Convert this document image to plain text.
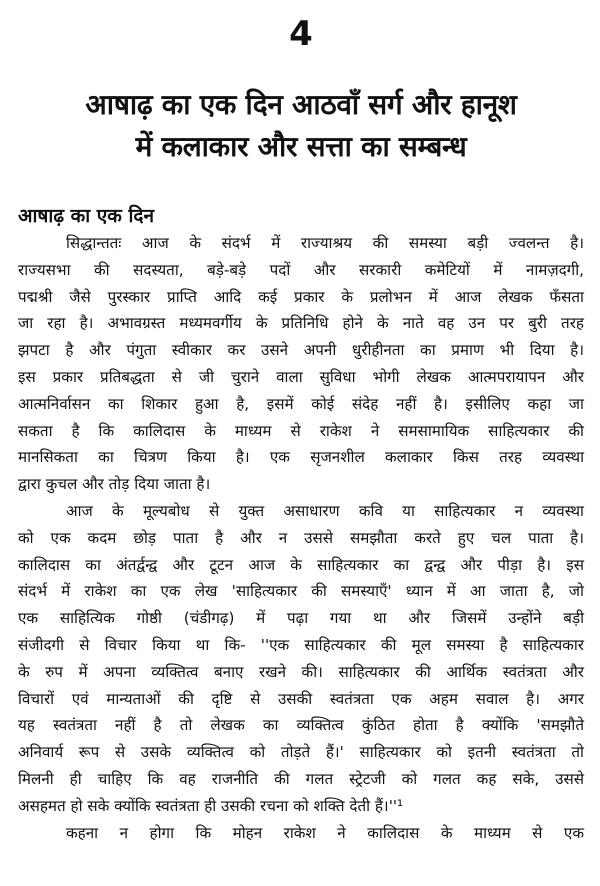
4
आषाढ़ का एक दिन आठवाँ सर्ग और हानूश
में कलाकार और सत्ता का सम्बन्ध
आषाढ़ का एक दिन
सिद्धान्ततः आज के संदर्भ में राज्याश्रय की समस्या बड़ी ज्वलन्त है।
राज्यसभा की सदस्यता, बड़े-बड़े पदों और सरकारी कमेटियों में नामज़दगी,
पद्मश्री जैसे पुरस्कार प्राप्ति आदि कई प्रकार के प्रलोभन में आज लेखक फँसता
जा रहा है। अभावग्रस्त मध्यमवर्गीय के प्रतिनिधि होने के नाते वह उन पर बुरी तरह
झपटा है और पंगुता स्वीकार कर उसने अपनी धुरीहीनता का प्रमाण भी दिया है।
इस प्रकार प्रतिबद्धता से जी चुराने वाला सुविधा भोगी लेखक आत्मपरायापन और
आत्मनिर्वासन का शिकार हुआ है, इसमें कोई संदेह नहीं है। इसीलिए कहा जा
सकता है कि कालिदास के माध्यम से राकेश ने समसामायिक साहित्यकार की
मानसिकता का चित्रण किया है। एक सृजनशील कलाकार किस तरह व्यवस्था
द्वारा कुचल और तोड़ दिया जाता है।
आज के मूल्यबोध से युक्त असाधारण कवि या साहित्यकार न व्यवस्था
को एक कदम छोड़ पाता है और न उससे समझौता करते हुए चल पाता है।
कालिदास का अंतर्द्वन्द्व और टूटन आज के साहित्यकार का द्वन्द्व और पीड़ा है। इस
संदर्भ में राकेश का एक लेख 'साहित्यकार की समस्याएँ' ध्यान में आ जाता है, जो
एक साहित्यिक गोष्ठी (चंडीगढ़) में पढ़ा गया था और जिसमें उन्होंने बड़ी
संजीदगी से विचार किया था कि- ''एक साहित्यकार की मूल समस्या है साहित्यकार
के रुप में अपना व्यक्तित्व बनाए रखने की। साहित्यकार की आर्थिक स्वतंत्रता और
विचारों एवं मान्यताओं की दृष्टि से उसकी स्वतंत्रता एक अहम सवाल है। अगर
यह स्वतंत्रता नहीं है तो लेखक का व्यक्तित्व कुंठित होता है क्योंकि 'समझौते
अनिवार्य रूप से उसके व्यक्तित्व को तोड़ते हैं।' साहित्यकार को इतनी स्वतंत्रता तो
मिलनी ही चाहिए कि वह राजनीति की गलत स्ट्रेटजी को गलत कह सके, उससे
असहमत हो सके क्योंकि स्वतंत्रता ही उसकी रचना को शक्ति देती हैं।''¹
कहना न होगा कि मोहन राकेश ने कालिदास के माध्यम से एक
